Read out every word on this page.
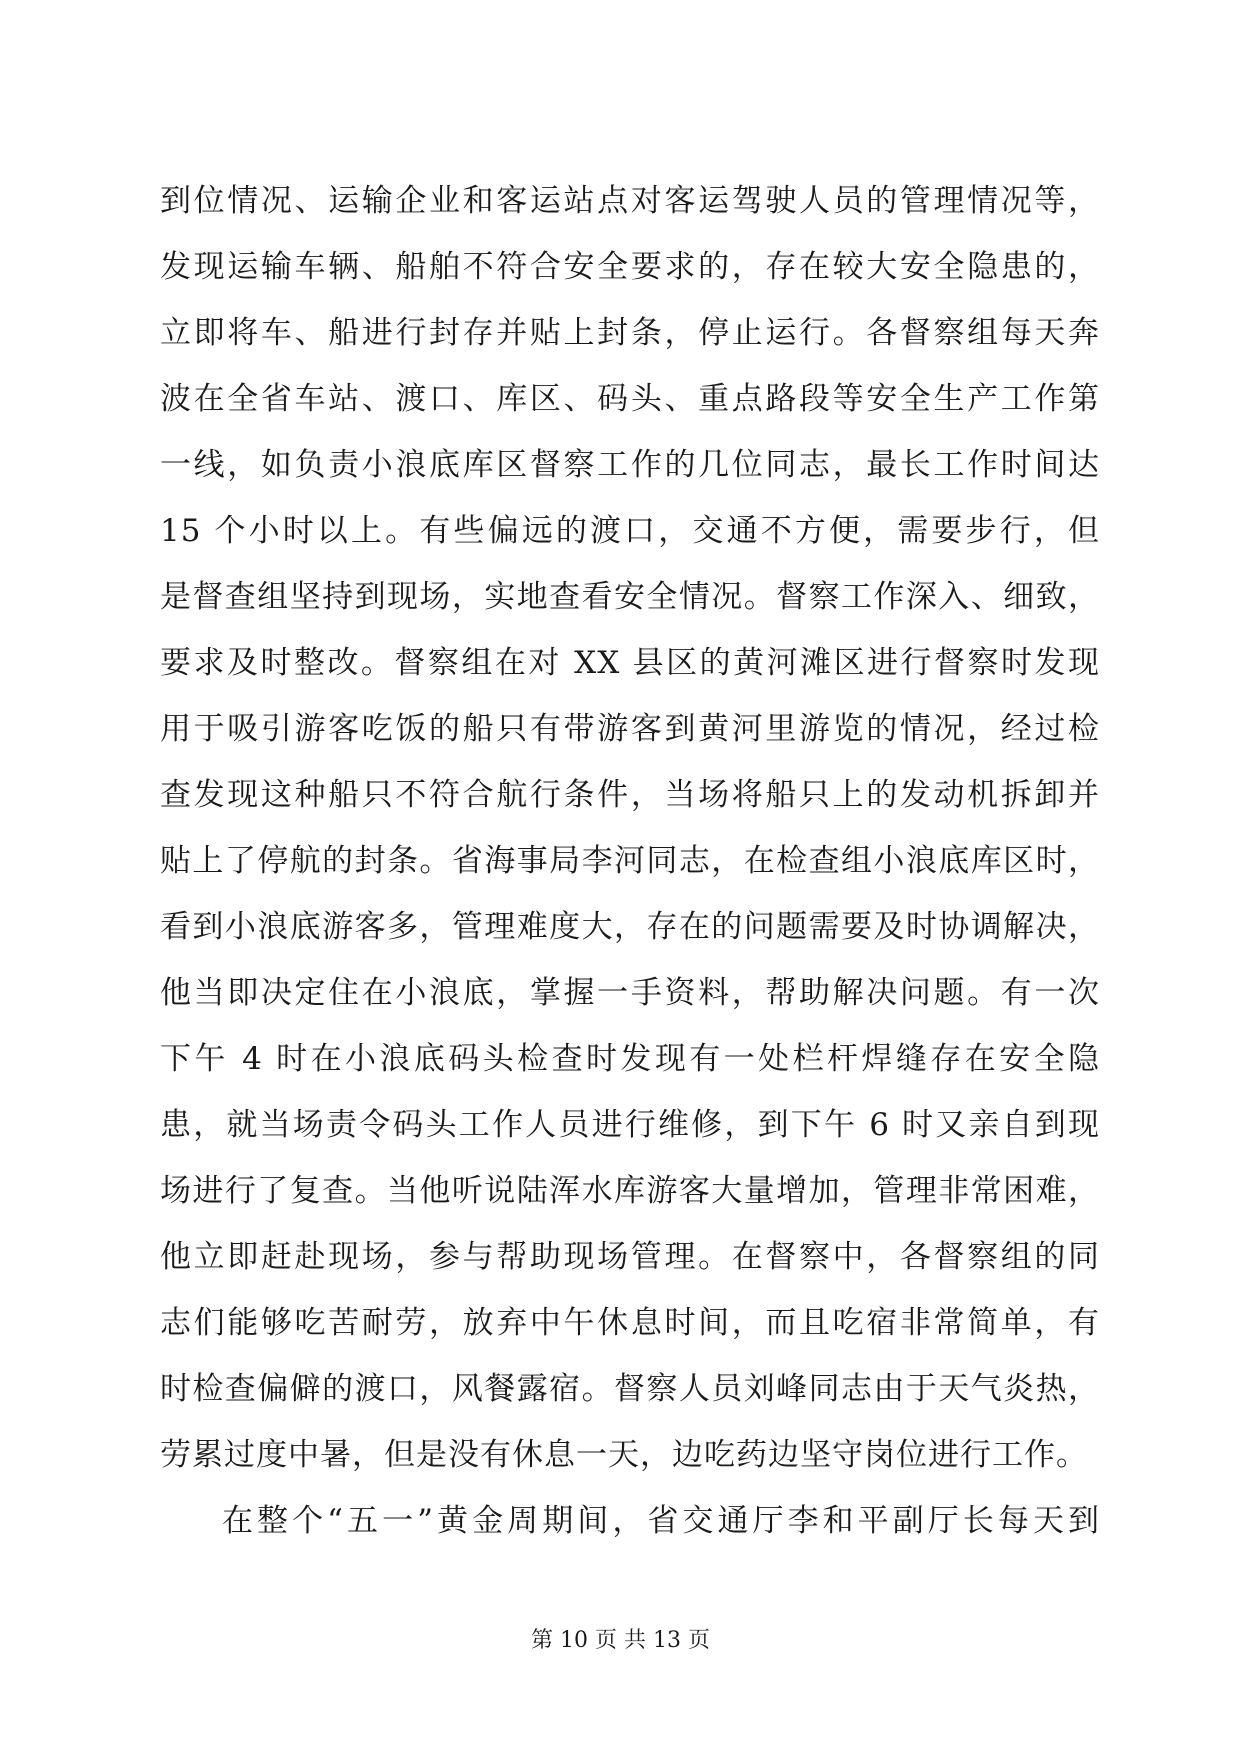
到位情况、运输企业和客运站点对客运驾驶人员的管理情况等，
发现运输车辆、船舶不符合安全要求的，存在较大安全隐患的，
立即将车、船进行封存并贴上封条，停止运行。各督察组每天奔
波在全省车站、渡口、库区、码头、重点路段等安全生产工作第
一线，如负责小浪底库区督察工作的几位同志，最长工作时间达
15 个小时以上。有些偏远的渡口，交通不方便，需要步行，但
是督查组坚持到现场，实地查看安全情况。督察工作深入、细致，
要求及时整改。督察组在对 XX 县区的黄河滩区进行督察时发现
用于吸引游客吃饭的船只有带游客到黄河里游览的情况，经过检
查发现这种船只不符合航行条件，当场将船只上的发动机拆卸并
贴上了停航的封条。省海事局李河同志，在检查组小浪底库区时，
看到小浪底游客多，管理难度大，存在的问题需要及时协调解决，
他当即决定住在小浪底，掌握一手资料，帮助解决问题。有一次
下午 4 时在小浪底码头检查时发现有一处栏杆焊缝存在安全隐
患，就当场责令码头工作人员进行维修，到下午 6 时又亲自到现
场进行了复查。当他听说陆浑水库游客大量增加，管理非常困难，
他立即赶赴现场，参与帮助现场管理。在督察中，各督察组的同
志们能够吃苦耐劳，放弃中午休息时间，而且吃宿非常简单，有
时检查偏僻的渡口，风餐露宿。督察人员刘峰同志由于天气炎热，
劳累过度中暑，但是没有休息一天，边吃药边坚守岗位进行工作。
在整个“五一”黄金周期间，省交通厅李和平副厅长每天到
第 10 页 共 13 页
